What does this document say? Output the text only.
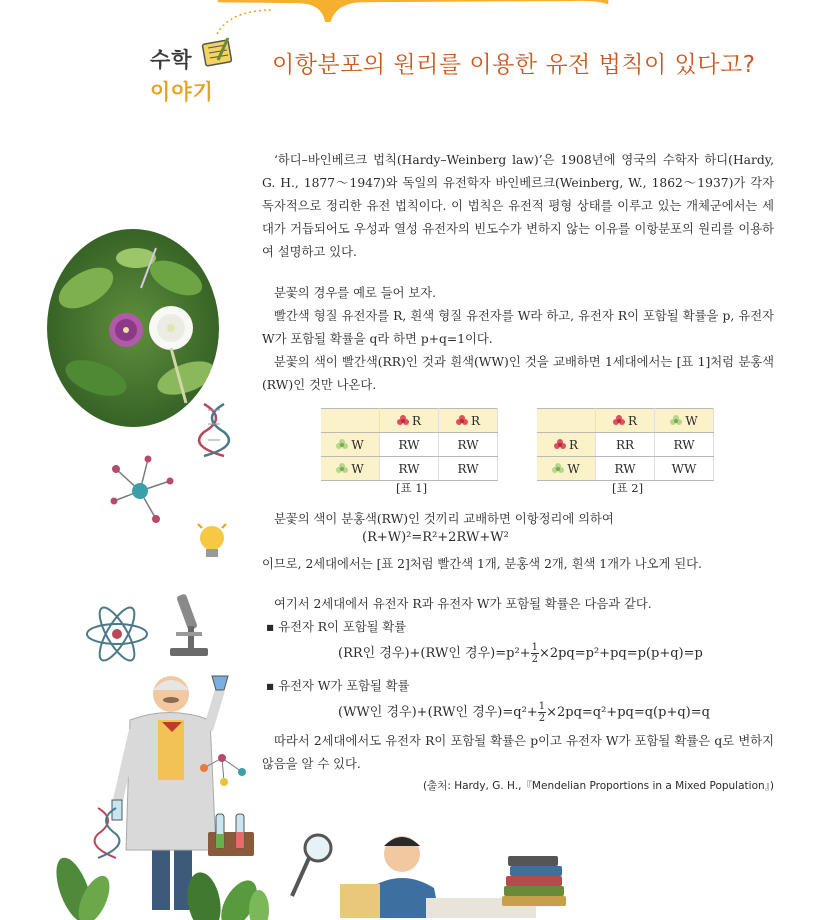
수학
이야기
이항분포의 원리를 이용한 유전 법칙이 있다고?
‘하디–바인베르크 법칙(Hardy–Weinberg law)’은 1908년에 영국의 수학자 하디(Hardy, G. H., 1877～1947)와 독일의 유전학자 바인베르크(Weinberg, W., 1862～1937)가 각자 독자적으로 정리한 유전 법칙이다. 이 법칙은 유전적 평형 상태를 이루고 있는 개체군에서는 세대가 거듭되어도 우성과 열성 유전자의 빈도수가 변하지 않는 이유를 이항분포의 원리를 이용하여 설명하고 있다.
분꽃의 경우를 예로 들어 보자.
빨간색 형질 유전자를 R, 흰색 형질 유전자를 W라 하고, 유전자 R이 포함될 확률을 p, 유전자 W가 포함될 확률을 q라 하면 p+q=1이다.
분꽃의 색이 빨간색(RR)인 것과 흰색(WW)인 것을 교배하면 1세대에서는 [표 1]처럼 분홍색(RW)인 것만 나온다.
	R	R
W	RW	RW
W	RW	RW
[표 1]
	R	W
R	RR	RW
W	RW	WW
[표 2]
분꽃의 색이 분홍색(RW)인 것끼리 교배하면 이항정리에 의하여
(R+W)²=R²+2RW+W²
이므로, 2세대에서는 [표 2]처럼 빨간색 1개, 분홍색 2개, 흰색 1개가 나오게 된다.
여기서 2세대에서 유전자 R과 유전자 W가 포함될 확률은 다음과 같다.
▪ 유전자 R이 포함될 확률
(RR인 경우)+(RW인 경우)$=p^2+ \frac{1}{2} \times 2pq=p^2+pq=p(p+q)=p$
▪ 유전자 W가 포함될 확률
(WW인 경우)+(RW인 경우)$=q^2+ \frac{1}{2} \times 2pq=q^2+pq=q(p+q)=q$
따라서 2세대에서도 유전자 R이 포함될 확률은 p이고 유전자 W가 포함될 확률은 q로 변하지 않음을 알 수 있다.
(출처: Hardy, G. H.,『Mendelian Proportions in a Mixed Population』)
